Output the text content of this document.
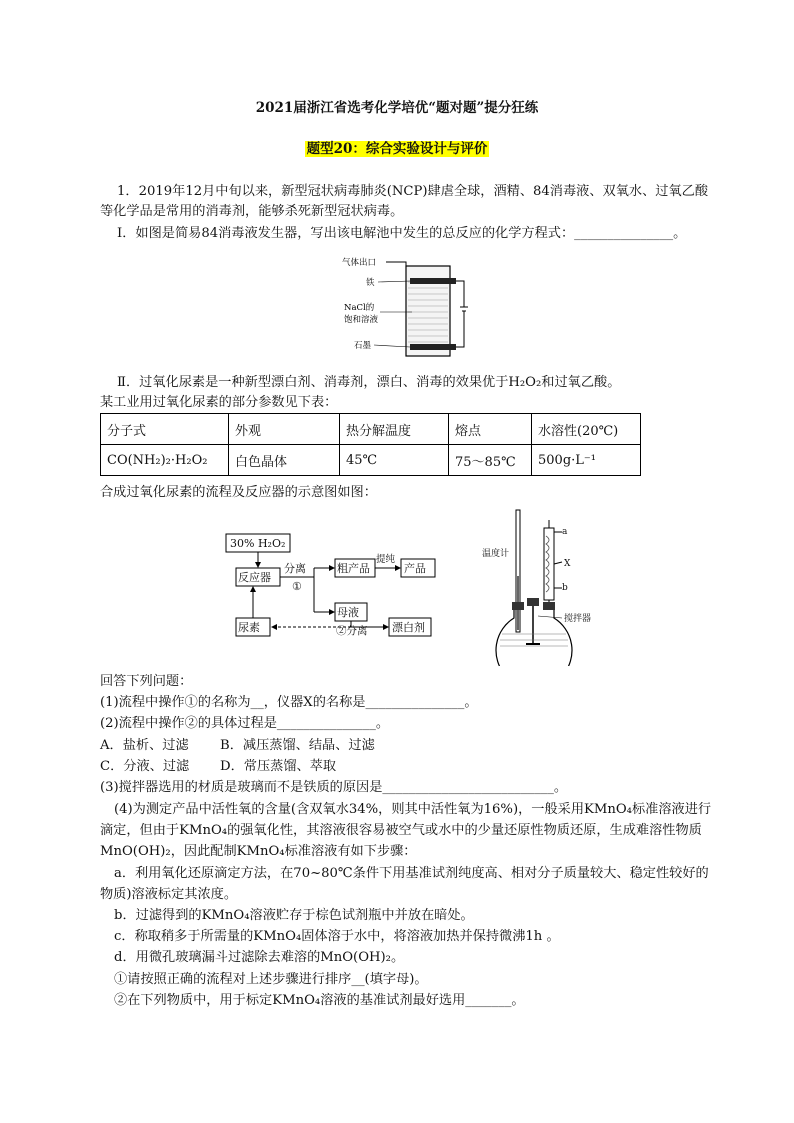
2021届浙江省选考化学培优“题对题”提分狂练
题型20：综合实验设计与评价
1．2019年12月中旬以来，新型冠状病毒肺炎(NCP)肆虐全球，酒精、84消毒液、双氧水、过氧乙酸
等化学品是常用的消毒剂，能够杀死新型冠状病毒。
Ⅰ．如图是简易84消毒液发生器，写出该电解池中发生的总反应的化学方程式：_______________。
气体出口
铁
NaCl的
饱和溶液
石墨
Ⅱ．过氧化尿素是一种新型漂白剂、消毒剂，漂白、消毒的效果优于H₂O₂和过氧乙酸。
某工业用过氧化尿素的部分参数见下表：
分子式	外观	热分解温度	熔点	水溶性(20℃)
CO(NH₂)₂·H₂O₂	白色晶体	45℃	75～85℃	500g·L⁻¹
合成过氧化尿素的流程及反应器的示意图如图：
30% H₂O₂
反应器
分离
①
粗产品
提纯
产品
母液
尿素	②分离 漂白剂
温度计
a
X
b
搅拌器
回答下列问题：
(1)流程中操作①的名称为__，仪器X的名称是_______________。
(2)流程中操作②的具体过程是_______________。
A．盐析、过滤 B．减压蒸馏、结晶、过滤
C．分液、过滤 D．常压蒸馏、萃取
(3)搅拌器选用的材质是玻璃而不是铁质的原因是__________________________。
(4)为测定产品中活性氧的含量(含双氧水34%，则其中活性氧为16%)，一般采用KMnO₄标准溶液进行
滴定，但由于KMnO₄的强氧化性，其溶液很容易被空气或水中的少量还原性物质还原，生成难溶性物质
MnO(OH)₂，因此配制KMnO₄标准溶液有如下步骤：
a．利用氧化还原滴定方法，在70~80℃条件下用基准试剂纯度高、相对分子质量较大、稳定性较好的
物质)溶液标定其浓度。
b．过滤得到的KMnO₄溶液贮存于棕色试剂瓶中并放在暗处。
c．称取稍多于所需量的KMnO₄固体溶于水中，将溶液加热并保持微沸1h 。
d．用微孔玻璃漏斗过滤除去难溶的MnO(OH)₂。
①请按照正确的流程对上述步骤进行排序__(填字母)。
②在下列物质中，用于标定KMnO₄溶液的基准试剂最好选用_______。
